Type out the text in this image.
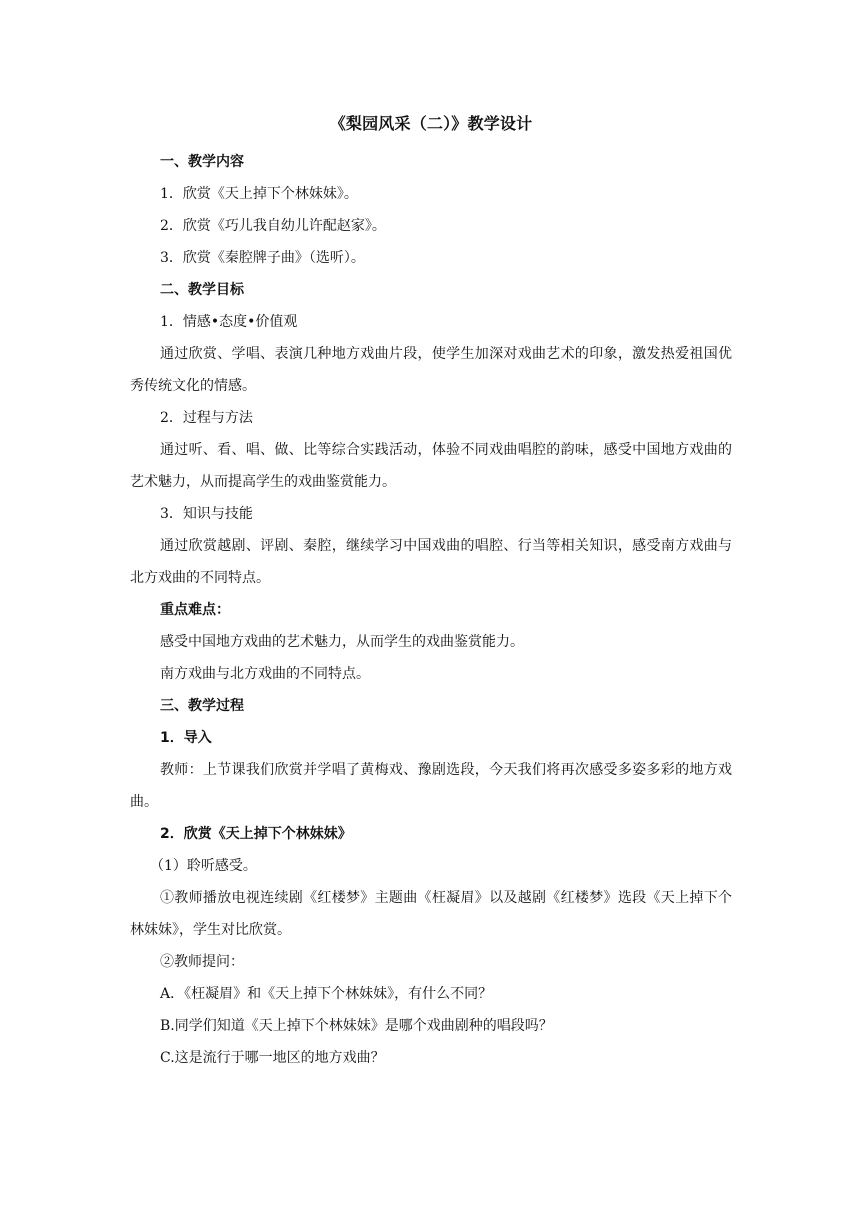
《梨园风采（二）》教学设计

一、教学内容

1．欣赏《天上掉下个林妹妹》。

2．欣赏《巧儿我自幼儿许配赵家》。

3．欣赏《秦腔牌子曲》（选听）。

二、教学目标

1．情感•态度•价值观

通过欣赏、学唱、表演几种地方戏曲片段，使学生加深对戏曲艺术的印象，激发热爱祖国优秀传统文化的情感。

2．过程与方法

通过听、看、唱、做、比等综合实践活动，体验不同戏曲唱腔的韵味，感受中国地方戏曲的艺术魅力，从而提高学生的戏曲鉴赏能力。

3．知识与技能

通过欣赏越剧、评剧、秦腔，继续学习中国戏曲的唱腔、行当等相关知识，感受南方戏曲与北方戏曲的不同特点。

重点难点：

感受中国地方戏曲的艺术魅力，从而学生的戏曲鉴赏能力。

南方戏曲与北方戏曲的不同特点。

三、教学过程

1．导入

教师：上节课我们欣赏并学唱了黄梅戏、豫剧选段，今天我们将再次感受多姿多彩的地方戏曲。

2．欣赏《天上掉下个林妹妹》

（1）聆听感受。

①教师播放电视连续剧《红楼梦》主题曲《枉凝眉》以及越剧《红楼梦》选段《天上掉下个林妹妹》，学生对比欣赏。

②教师提问：

A．《枉凝眉》和《天上掉下个林妹妹》，有什么不同？

B.同学们知道《天上掉下个林妹妹》是哪个戏曲剧种的唱段吗？

C.这是流行于哪一地区的地方戏曲？
